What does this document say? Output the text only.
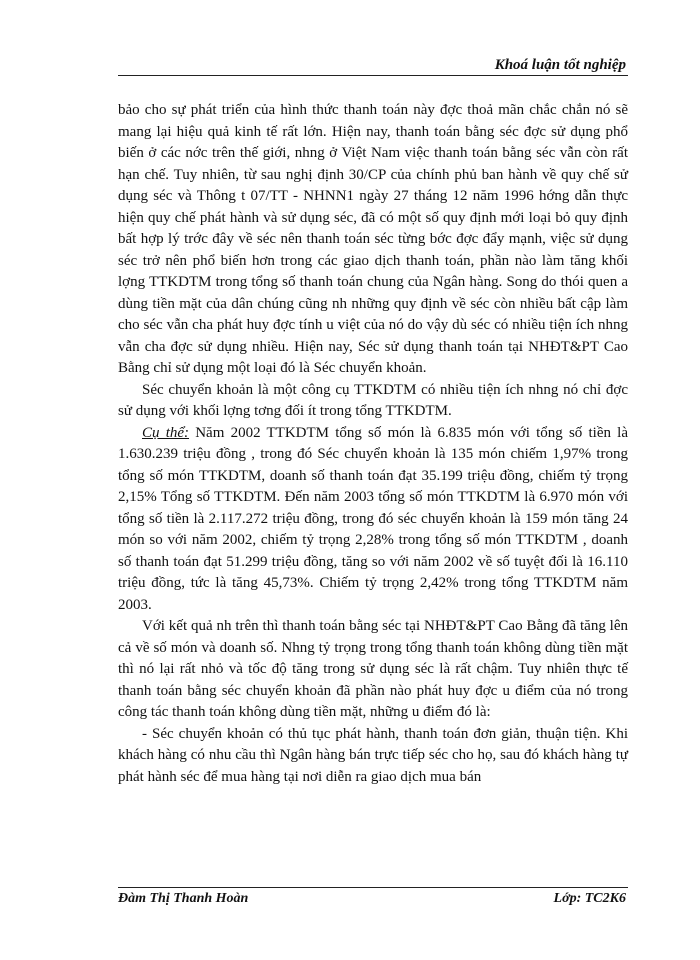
Khoá luận tốt nghiệp

bảo cho sự phát triển của hình thức thanh toán này đợc thoả mãn chắc chắn nó sẽ mang lại hiệu quả kinh tế rất lớn. Hiện nay, thanh toán bằng séc đợc sử dụng phổ biến ở các nớc trên thế giới, nhng ở Việt Nam việc thanh toán bằng séc vẫn còn rất hạn chế. Tuy nhiên, từ sau nghị định 30/CP của chính phủ ban hành về quy chế sử dụng séc và Thông t 07/TT - NHNN1 ngày 27 tháng 12 năm 1996 hớng dẫn thực hiện quy chế phát hành và sử dụng séc, đã có một số quy định mới loại bỏ quy định bất hợp lý trớc đây về séc nên thanh toán séc từng bớc đợc đẩy mạnh, việc sử dụng séc trở nên phổ biến hơn trong các giao dịch thanh toán, phần nào làm tăng khối lợng TTKDTM trong tổng số thanh toán chung của Ngân hàng. Song do thói quen a dùng tiền mặt của dân chúng cũng nh những quy định về séc còn nhiều bất cập làm cho séc vẫn cha phát huy đợc tính u việt của nó do vậy dù séc có nhiều tiện ích nhng vẫn cha đợc sử dụng nhiều. Hiện nay, Séc sử dụng thanh toán tại NHĐT&PT Cao Bằng chỉ sử dụng một loại đó là Séc chuyển khoản.

Séc chuyển khoản là một công cụ TTKDTM có nhiều tiện ích nhng nó chỉ đợc sử dụng với khối lợng tơng đối ít trong tổng TTKDTM.

Cụ thể: Năm 2002 TTKDTM tổng số món là 6.835 món với tổng số tiền là 1.630.239 triệu đồng , trong đó Séc chuyển khoản là 135 món chiếm 1,97% trong tổng số món TTKDTM, doanh số thanh toán đạt 35.199 triệu đồng, chiếm tỷ trọng 2,15% Tổng số TTKDTM. Đến năm 2003 tổng số món TTKDTM là 6.970 món với tổng số tiền là 2.117.272 triệu đồng, trong đó séc chuyển khoản là 159 món tăng 24 món so với năm 2002, chiếm tỷ trọng 2,28% trong tổng số món TTKDTM , doanh số thanh toán đạt 51.299 triệu đồng, tăng so với năm 2002 về số tuyệt đối là 16.110 triệu đồng, tức là tăng 45,73%. Chiếm tỷ trọng 2,42% trong tổng TTKDTM năm 2003.

Với kết quả nh trên thì thanh toán bằng séc tại NHĐT&PT Cao Bằng đã tăng lên cả về số món và doanh số. Nhng tỷ trọng trong tổng thanh toán không dùng tiền mặt thì nó lại rất nhỏ và tốc độ tăng trong sử dụng séc là rất chậm. Tuy nhiên thực tế thanh toán bằng séc chuyển khoản đã phần nào phát huy đợc u điểm của nó trong công tác thanh toán không dùng tiền mặt, những u điểm đó là:

- Séc chuyển khoản có thủ tục phát hành, thanh toán đơn giản, thuận tiện. Khi khách hàng có nhu cầu thì Ngân hàng bán trực tiếp séc cho họ, sau đó khách hàng tự phát hành séc để mua hàng tại nơi diễn ra giao dịch mua bán

Đàm Thị Thanh Hoàn	Lớp: TC2K6
